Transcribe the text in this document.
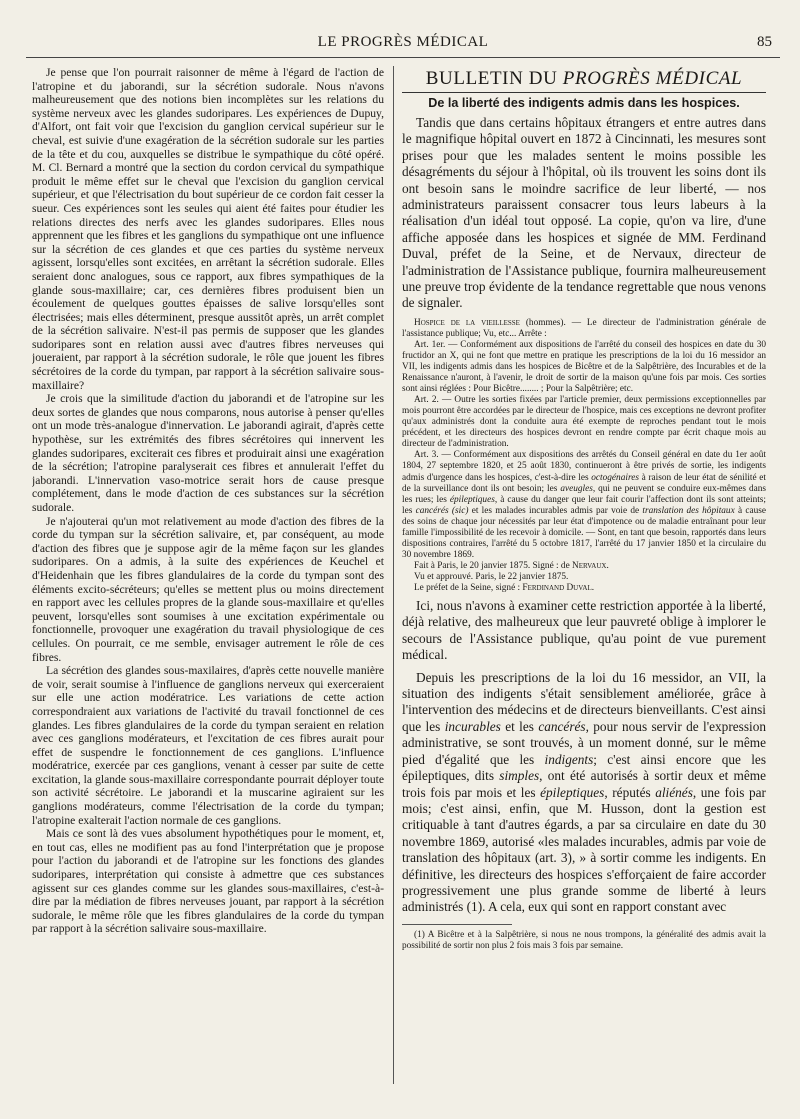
LE PROGRÈS MÉDICAL	85

Je pense que l'on pourrait raisonner de même à l'égard de l'action de l'atropine et du jaborandi, sur la sécrétion sudorale. Nous n'avons malheureusement que des notions bien incomplètes sur les relations du système nerveux avec les glandes sudoripares. Les expériences de Dupuy, d'Alfort, ont fait voir que l'excision du ganglion cervical supérieur sur le cheval, est suivie d'une exagération de la sécrétion sudorale sur les parties de la tête et du cou, auxquelles se distribue le sympathique du côté opéré. M. Cl. Bernard a montré que la section du cordon cervical du sympathique produit le même effet sur le cheval que l'excision du ganglion cervical supérieur, et que l'électrisation du bout supérieur de ce cordon fait cesser la sueur. Ces expériences sont les seules qui aient été faites pour étudier les relations directes des nerfs avec les glandes sudoripares. Elles nous apprennent que les fibres et les ganglions du sympathique ont une influence sur la sécrétion de ces glandes et que ces parties du système nerveux agissent, lorsqu'elles sont excitées, en arrêtant la sécrétion sudorale. Elles seraient donc analogues, sous ce rapport, aux fibres sympathiques de la glande sous-maxillaire; car, ces dernières fibres produisent bien un écoulement de quelques gouttes épaisses de salive lorsqu'elles sont électrisées; mais elles déterminent, presque aussitôt après, un arrêt complet de la sécrétion salivaire. N'est-il pas permis de supposer que les glandes sudoripares sont en relation aussi avec d'autres fibres nerveuses qui joueraient, par rapport à la sécrétion sudorale, le rôle que jouent les fibres sécrétoires de la corde du tympan, par rapport à la sécrétion salivaire sous-maxillaire?

Je crois que la similitude d'action du jaborandi et de l'atropine sur les deux sortes de glandes que nous comparons, nous autorise à penser qu'elles ont un mode très-analogue d'innervation. Le jaborandi agirait, d'après cette hypothèse, sur les extrémités des fibres sécrétoires qui innervent les glandes sudoripares, exciterait ces fibres et produirait ainsi une exagération de la sécrétion; l'atropine paralyserait ces fibres et annulerait l'effet du jaborandi. L'innervation vaso-motrice serait hors de cause presque complétement, dans le mode d'action de ces substances sur la sécrétion sudorale.

Je n'ajouterai qu'un mot relativement au mode d'action des fibres de la corde du tympan sur la sécrétion salivaire, et, par conséquent, au mode d'action des fibres que je suppose agir de la même façon sur les glandes sudoripares. On a admis, à la suite des expériences de Keuchel et d'Heidenhain que les fibres glandulaires de la corde du tympan sont des éléments excito-sécréteurs; qu'elles se mettent plus ou moins directement en rapport avec les cellules propres de la glande sous-maxillaire et qu'elles peuvent, lorsqu'elles sont soumises à une excitation expérimentale ou fonctionnelle, provoquer une exagération du travail physiologique de ces cellules. On pourrait, ce me semble, envisager autrement le rôle de ces fibres.

La sécrétion des glandes sous-maxilaires, d'après cette nouvelle manière de voir, serait soumise à l'influence de ganglions nerveux qui exerceraient sur elle une action modératrice. Les variations de cette action correspondraient aux variations de l'activité du travail fonctionnel de ces glandes. Les fibres glandulaires de la corde du tympan seraient en relation avec ces ganglions modérateurs, et l'excitation de ces fibres aurait pour effet de suspendre le fonctionnement de ces ganglions. L'influence modératrice, exercée par ces ganglions, venant à cesser par suite de cette excitation, la glande sous-maxillaire correspondante pourrait déployer toute son activité sécrétoire. Le jaborandi et la muscarine agiraient sur les ganglions modérateurs, comme l'électrisation de la corde du tympan; l'atropine exalterait l'action normale de ces ganglions.

Mais ce sont là des vues absolument hypothétiques pour le moment, et, en tout cas, elles ne modifient pas au fond l'interprétation que je propose pour l'action du jaborandi et de l'atropine sur les fonctions des glandes sudoripares, interprétation qui consiste à admettre que ces substances agissent sur ces glandes comme sur les glandes sous-maxillaires, c'est-à-dire par la médiation de fibres nerveuses jouant, par rapport à la sécrétion sudorale, le même rôle que les fibres glandulaires de la corde du tympan par rapport à la sécrétion salivaire sous-maxillaire.

BULLETIN DU PROGRÈS MÉDICAL
De la liberté des indigents admis dans les hospices.

Tandis que dans certains hôpitaux étrangers et entre autres dans le magnifique hôpital ouvert en 1872 à Cincinnati, les mesures sont prises pour que les malades sentent le moins possible les désagréments du séjour à l'hôpital, où ils trouvent les soins dont ils ont besoin sans le moindre sacrifice de leur liberté, — nos administrateurs paraissent consacrer tous leurs labeurs à la réalisation d'un idéal tout opposé. La copie, qu'on va lire, d'une affiche apposée dans les hospices et signée de MM. Ferdinand Duval, préfet de la Seine, et de Nervaux, directeur de l'administration de l'Assistance publique, fournira malheureusement une preuve trop évidente de la tendance regrettable que nous venons de signaler.

Hospice de la vieillesse (hommes). — Le directeur de l'administration générale de l'assistance publique; Vu, etc... Arrête :

Art. 1er. — Conformément aux dispositions de l'arrêté du conseil des hospices en date du 30 fructidor an X, qui ne font que mettre en pratique les prescriptions de la loi du 16 messidor an VII, les indigents admis dans les hospices de Bicêtre et de la Salpêtrière, des Incurables et de la Renaissance n'auront, à l'avenir, le droit de sortir de la maison qu'une fois par mois. Ces sorties sont ainsi réglées : Pour Bicêtre........ ; Pour la Salpêtrière; etc.

Art. 2. — Outre les sorties fixées par l'article premier, deux permissions exceptionnelles par mois pourront être accordées par le directeur de l'hospice, mais ces exceptions ne devront profiter qu'aux administrés dont la conduite aura été exempte de reproches pendant tout le mois précédent, et les directeurs des hospices devront en rendre compte par écrit chaque mois au directeur de l'administration.

Art. 3. — Conformément aux dispositions des arrêtés du Conseil général en date du 1er août 1804, 27 septembre 1820, et 25 août 1830, continueront à être privés de sortie, les indigents admis d'urgence dans les hospices, c'est-à-dire les octogénaires à raison de leur état de sénilité et de la surveillance dont ils ont besoin; les aveugles, qui ne peuvent se conduire eux-mêmes dans les rues; les épileptiques, à cause du danger que leur fait courir l'affection dont ils sont atteints; les cancérés (sic) et les malades incurables admis par voie de translation des hôpitaux à cause des soins de chaque jour nécessités par leur état d'impotence ou de maladie entraînant pour leur famille l'impossibilité de les recevoir à domicile. — Sont, en tant que besoin, rapportés dans leurs dispositions contraires, l'arrêté du 5 octobre 1817, l'arrêté du 17 janvier 1850 et la circulaire du 30 novembre 1869.

Fait à Paris, le 20 janvier 1875. Signé : de Nervaux.

Vu et approuvé. Paris, le 22 janvier 1875.

Le préfet de la Seine, signé : Ferdinand Duval.

Ici, nous n'avons à examiner cette restriction apportée à la liberté, déjà relative, des malheureux que leur pauvreté oblige à implorer le secours de l'Assistance publique, qu'au point de vue purement médical.

Depuis les prescriptions de la loi du 16 messidor, an VII, la situation des indigents s'était sensiblement améliorée, grâce à l'intervention des médecins et de directeurs bienveillants. C'est ainsi que les incurables et les cancérés, pour nous servir de l'expression administrative, se sont trouvés, à un moment donné, sur le même pied d'égalité que les indigents; c'est ainsi encore que les épileptiques, dits simples, ont été autorisés à sortir deux et même trois fois par mois et les épileptiques, réputés aliénés, une fois par mois; c'est ainsi, enfin, que M. Husson, dont la gestion est critiquable à tant d'autres égards, a par sa circulaire en date du 30 novembre 1869, autorisé «les malades incurables, admis par voie de translation des hôpitaux (art. 3), » à sortir comme les indigents. En définitive, les directeurs des hospices s'efforçaient de faire accorder progressivement une plus grande somme de liberté à leurs administrés (1). A cela, eux qui sont en rapport constant avec

(1) A Bicêtre et à la Salpêtrière, si nous ne nous trompons, la généralité des admis avait la possibilité de sortir non plus 2 fois mais 3 fois par semaine.
